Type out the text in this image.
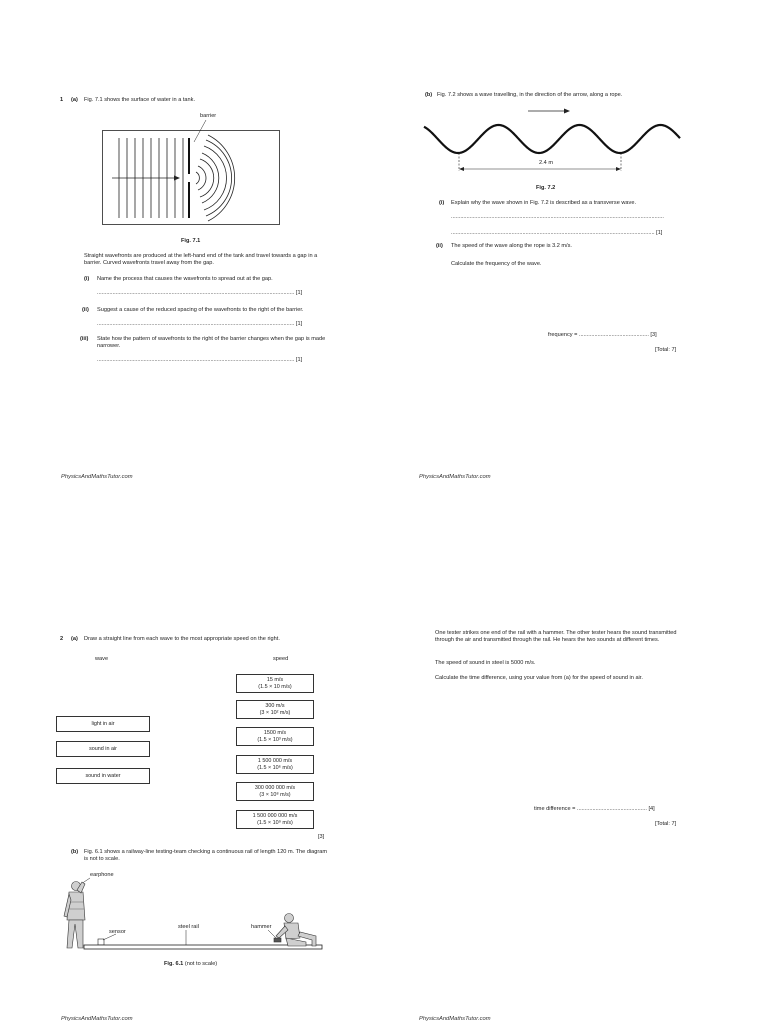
1 (a) Fig. 7.1 shows the surface of water in a tank.
barrier
Fig. 7.1
Straight wavefronts are produced at the left-hand end of the tank and travel towards a gap in a barrier. Curved wavefronts travel away from the gap.
(i) Name the process that causes the wavefronts to spread out at the gap.
............................................................................................................................... [1]
(ii) Suggest a cause of the reduced spacing of the wavefronts to the right of the barrier.
............................................................................................................................... [1]
(iii) State how the pattern of wavefronts to the right of the barrier changes when the gap is made narrower.
............................................................................................................................... [1]
PhysicsAndMathsTutor.com
(b) Fig. 7.2 shows a wave travelling, in the direction of the arrow, along a rope.
2.4 m
Fig. 7.2
(i) Explain why the wave shown in Fig. 7.2 is described as a transverse wave.
.........................................................................................................................................
................................................................................................................................... [1]
(ii) The speed of the wave along the rope is 3.2 m/s.
Calculate the frequency of the wave.
frequency = ............................................. [3]
[Total: 7]
PhysicsAndMathsTutor.com
2 (a) Draw a straight line from each wave to the most appropriate speed on the right.
wave	speed
light in air
sound in air
sound in water
15 m/s
(1.5 × 10 m/s)
300 m/s
(3 × 10² m/s)
1500 m/s
(1.5 × 10³ m/s)
1 500 000 m/s
(1.5 × 10⁶ m/s)
300 000 000 m/s
(3 × 10⁸ m/s)
1 500 000 000 m/s
(1.5 × 10⁹ m/s)
[3]
(b) Fig. 6.1 shows a railway-line testing-team checking a continuous rail of length 120 m. The diagram is not to scale.
earphone
sensor
steel rail	hammer
Fig. 6.1 (not to scale)
PhysicsAndMathsTutor.com
One tester strikes one end of the rail with a hammer. The other tester hears the sound transmitted through the air and transmitted through the rail. He hears the two sounds at different times.
The speed of sound in steel is 5000 m/s.
Calculate the time difference, using your value from (a) for the speed of sound in air.
time difference = ............................................. [4]
[Total: 7]
PhysicsAndMathsTutor.com
